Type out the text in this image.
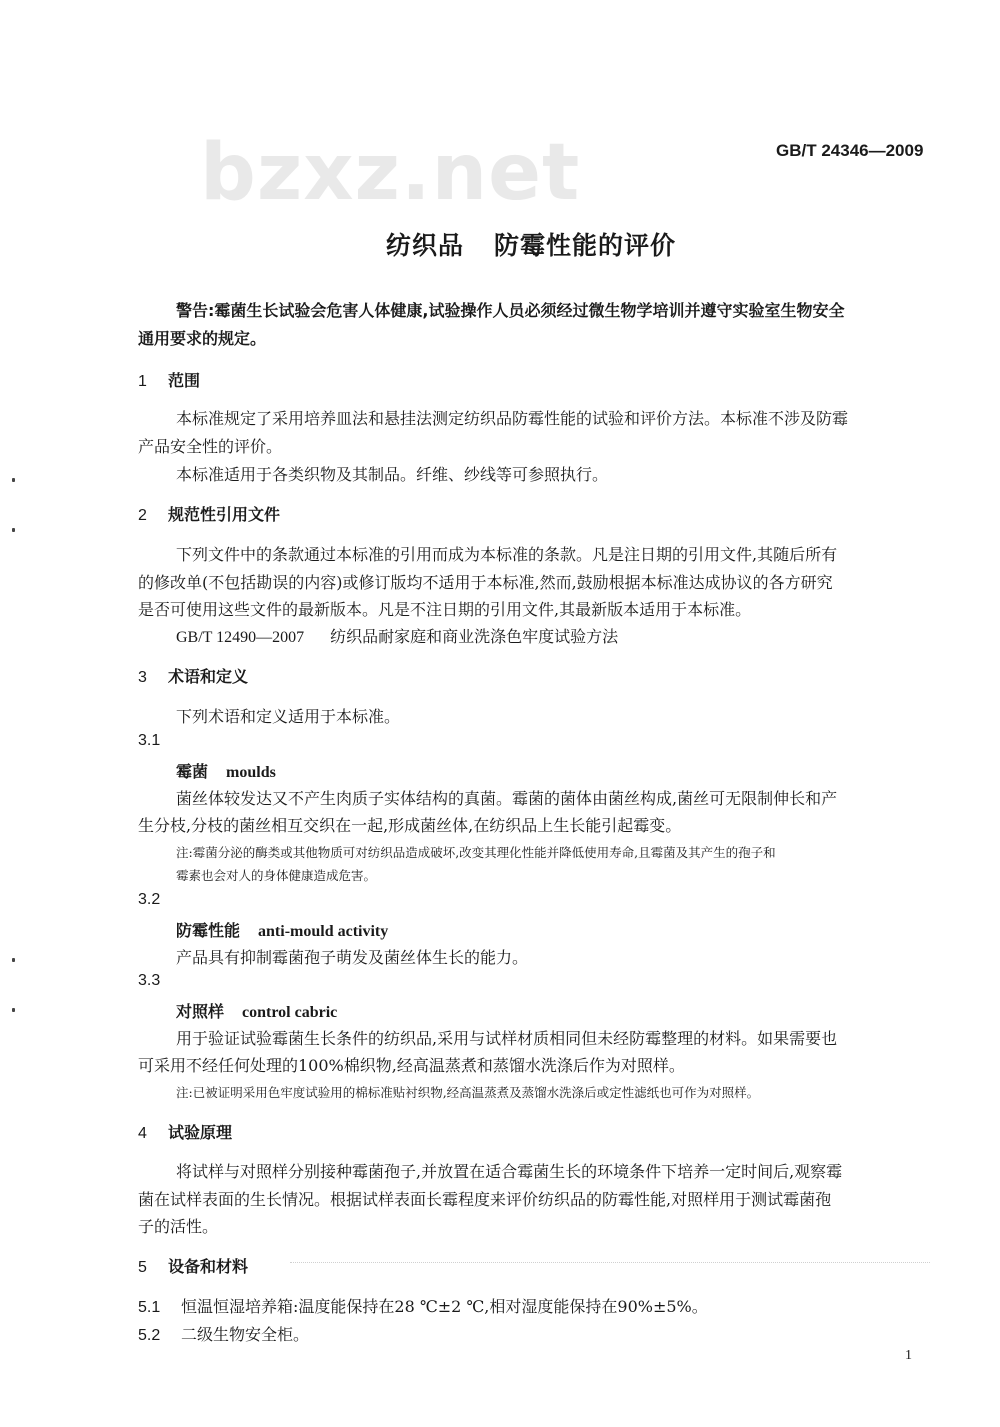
bzxz.net	GB/T 24346—2009
纺织品 防霉性能的评价
警告:霉菌生长试验会危害人体健康,试验操作人员必须经过微生物学培训并遵守实验室生物安全
通用要求的规定。
1 范围
本标准规定了采用培养皿法和悬挂法测定纺织品防霉性能的试验和评价方法。本标准不涉及防霉
产品安全性的评价。
本标准适用于各类织物及其制品。纤维、纱线等可参照执行。
2 规范性引用文件
下列文件中的条款通过本标准的引用而成为本标准的条款。凡是注日期的引用文件,其随后所有
的修改单(不包括勘误的内容)或修订版均不适用于本标准,然而,鼓励根据本标准达成协议的各方研究
是否可使用这些文件的最新版本。凡是不注日期的引用文件,其最新版本适用于本标准。
GB/T 12490—2007 纺织品耐家庭和商业洗涤色牢度试验方法
3 术语和定义
下列术语和定义适用于本标准。
3.1
霉菌 moulds
菌丝体较发达又不产生肉质子实体结构的真菌。霉菌的菌体由菌丝构成,菌丝可无限制伸长和产
生分枝,分枝的菌丝相互交织在一起,形成菌丝体,在纺织品上生长能引起霉变。
注:霉菌分泌的酶类或其他物质可对纺织品造成破坏,改变其理化性能并降低使用寿命,且霉菌及其产生的孢子和
霉素也会对人的身体健康造成危害。
3.2
防霉性能 anti-mould activity
产品具有抑制霉菌孢子萌发及菌丝体生长的能力。
3.3
对照样 control cabric
用于验证试验霉菌生长条件的纺织品,采用与试样材质相同但未经防霉整理的材料。如果需要也
可采用不经任何处理的100%棉织物,经高温蒸煮和蒸馏水洗涤后作为对照样。
注:已被证明采用色牢度试验用的棉标准贴衬织物,经高温蒸煮及蒸馏水洗涤后或定性滤纸也可作为对照样。
4 试验原理
将试样与对照样分别接种霉菌孢子,并放置在适合霉菌生长的环境条件下培养一定时间后,观察霉
菌在试样表面的生长情况。根据试样表面长霉程度来评价纺织品的防霉性能,对照样用于测试霉菌孢
子的活性。
5 设备和材料
5.1 恒温恒湿培养箱:温度能保持在28 ℃±2 ℃,相对湿度能保持在90%±5%。
5.2 二级生物安全柜。
1
